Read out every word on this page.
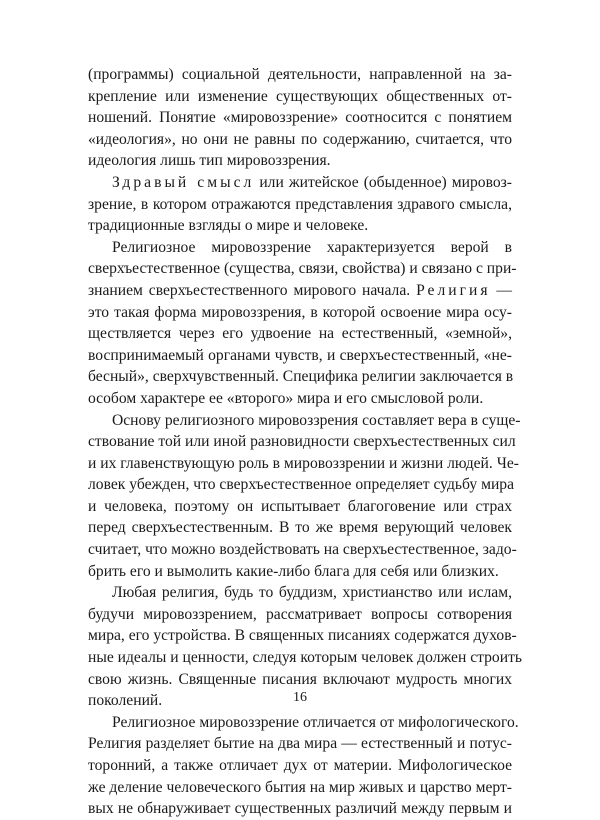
(программы) социальной деятельности, направленной на за-
крепление или изменение существующих общественных от-
ношений. Понятие «мировоззрение» соотносится с понятием
«идеология», но они не равны по содержанию, считается, что
идеология лишь тип мировоззрения.

Здравый смысл или житейское (обыденное) мировоз-
зрение, в котором отражаются представления здравого смысла,
традиционные взгляды о мире и человеке.

Религиозное мировоззрение характеризуется верой в
сверхъестественное (существа, связи, свойства) и связано с при-
знанием сверхъестественного мирового начала. Религия —
это такая форма мировоззрения, в которой освоение мира осу-
ществляется через его удвоение на естественный, «земной»,
воспринимаемый органами чувств, и сверхъестественный, «не-
бесный», сверхчувственный. Специфика религии заключается в
особом характере ее «второго» мира и его смысловой роли.

Основу религиозного мировоззрения составляет вера в суще-
ствование той или иной разновидности сверхъестественных сил
и их главенствующую роль в мировоззрении и жизни людей. Че-
ловек убежден, что сверхъестественное определяет судьбу мира
и человека, поэтому он испытывает благоговение или страх
перед сверхъестественным. В то же время верующий человек
считает, что можно воздействовать на сверхъестественное, задо-
брить его и вымолить какие-либо блага для себя или близких.

Любая религия, будь то буддизм, христианство или ислам,
будучи мировоззрением, рассматривает вопросы сотворения
мира, его устройства. В священных писаниях содержатся духов-
ные идеалы и ценности, следуя которым человек должен строить
свою жизнь. Священные писания включают мудрость многих
поколений.

Религиозное мировоззрение отличается от мифологического.
Религия разделяет бытие на два мира — естественный и потус-
торонний, а также отличает дух от материи. Мифологическое
же деление человеческого бытия на мир живых и царство мерт-
вых не обнаруживает существенных различий между первым и

16
